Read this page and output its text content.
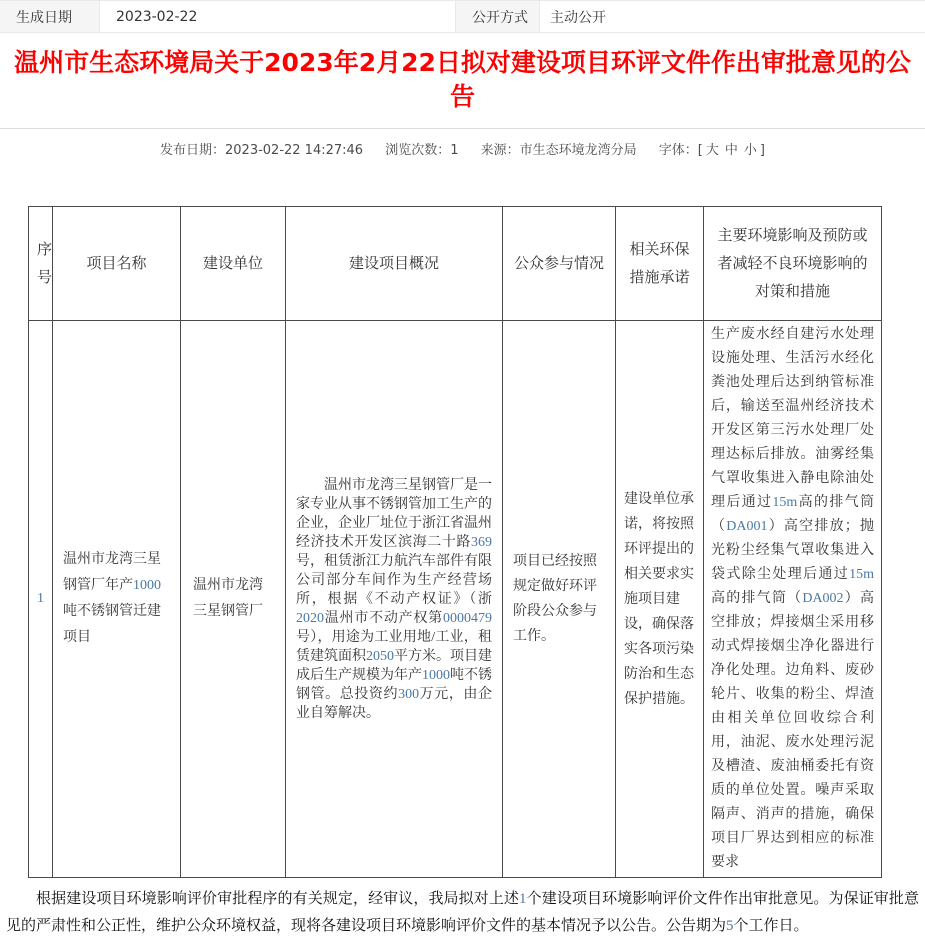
生成日期	2023-02-22	公开方式	主动公开
温州市生态环境局关于2023年2月22日拟对建设项目环评文件作出审批意见的公告
发布日期：2023-02-22 14:27:46 浏览次数：1 来源：市生态环境龙湾分局 字体：[ 大 中 小 ]
序号	项目名称	建设单位	建设项目概况	公众参与情况	相关环保措施承诺	主要环境影响及预防或者减轻不良环境影响的对策和措施
1	温州市龙湾三星钢管厂年产1000吨不锈钢管迁建项目	温州市龙湾三星钢管厂	温州市龙湾三星钢管厂是一家专业从事不锈钢管加工生产的企业，企业厂址位于浙江省温州经济技术开发区滨海二十路369号，租赁浙江力航汽车部件有限公司部分车间作为生产经营场所，根据《不动产权证》（浙2020温州市不动产权第0000479号），用途为工业用地/工业，租赁建筑面积2050平方米。项目建成后生产规模为年产1000吨不锈钢管。总投资约300万元，由企业自筹解决。	项目已经按照规定做好环评阶段公众参与工作。	建设单位承诺，将按照环评提出的相关要求实施项目建设，确保落实各项污染防治和生态保护措施。	生产废水经自建污水处理设施处理、生活污水经化粪池处理后达到纳管标准后，输送至温州经济技术开发区第三污水处理厂处理达标后排放。油雾经集气罩收集进入静电除油处理后通过15m高的排气筒（DA001）高空排放；抛光粉尘经集气罩收集进入袋式除尘处理后通过15m高的排气筒（DA002）高空排放；焊接烟尘采用移动式焊接烟尘净化器进行净化处理。边角料、废砂轮片、收集的粉尘、焊渣由相关单位回收综合利用，油泥、废水处理污泥及槽渣、废油桶委托有资质的单位处置。噪声采取隔声、消声的措施，确保项目厂界达到相应的标准要求

根据建设项目环境影响评价审批程序的有关规定，经审议，我局拟对上述1个建设项目环境影响评价文件作出审批意见。为保证审批意见的严肃性和公正性，维护公众环境权益，现将各建设项目环境影响评价文件的基本情况予以公告。公告期为5个工作日。
